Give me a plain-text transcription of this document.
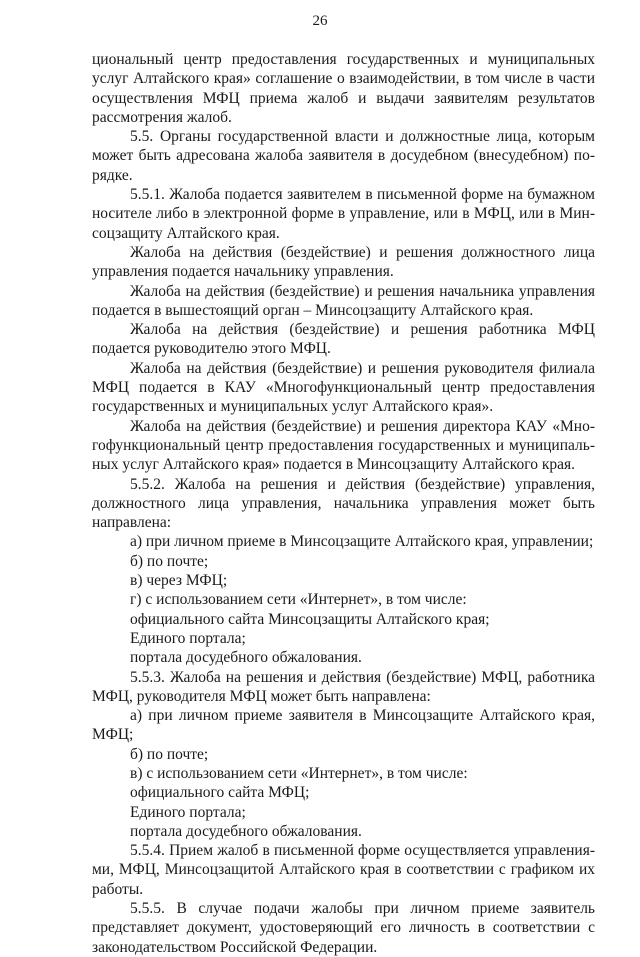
26

циональный центр предоставления государственных и муниципальных услуг Алтайского края» соглашение о взаимодействии, в том числе в части осуществления МФЦ приема жалоб и выдачи заявителям результатов рассмотрения жалоб.

5.5. Органы государственной власти и должностные лица, которым может быть адресована жалоба заявителя в досудебном (внесудебном) порядке.

5.5.1. Жалоба подается заявителем в письменной форме на бумажном носителе либо в электронной форме в управление, или в МФЦ, или в Минсоцзащиту Алтайского края.

Жалоба на действия (бездействие) и решения должностного лица управления подается начальнику управления.

Жалоба на действия (бездействие) и решения начальника управления подается в вышестоящий орган – Минсоцзащиту Алтайского края.

Жалоба на действия (бездействие) и решения работника МФЦ подается руководителю этого МФЦ.

Жалоба на действия (бездействие) и решения руководителя филиала МФЦ подается в КАУ «Многофункциональный центр предоставления государственных и муниципальных услуг Алтайского края».

Жалоба на действия (бездействие) и решения директора КАУ «Многофункциональный центр предоставления государственных и муниципальных услуг Алтайского края» подается в Минсоцзащиту Алтайского края.

5.5.2. Жалоба на решения и действия (бездействие) управления, должностного лица управления, начальника управления может быть направлена:

а) при личном приеме в Минсоцзащите Алтайского края, управлении;

б) по почте;

в) через МФЦ;

г) с использованием сети «Интернет», в том числе:

официального сайта Минсоцзащиты Алтайского края;

Единого портала;

портала досудебного обжалования.

5.5.3. Жалоба на решения и действия (бездействие) МФЦ, работника МФЦ, руководителя МФЦ может быть направлена:

а) при личном приеме заявителя в Минсоцзащите Алтайского края, МФЦ;

б) по почте;

в) с использованием сети «Интернет», в том числе:

официального сайта МФЦ;

Единого портала;

портала досудебного обжалования.

5.5.4. Прием жалоб в письменной форме осуществляется управлениями, МФЦ, Минсоцзащитой Алтайского края в соответствии с графиком их работы.

5.5.5. В случае подачи жалобы при личном приеме заявитель представляет документ, удостоверяющий его личность в соответствии с законодательством Российской Федерации.
